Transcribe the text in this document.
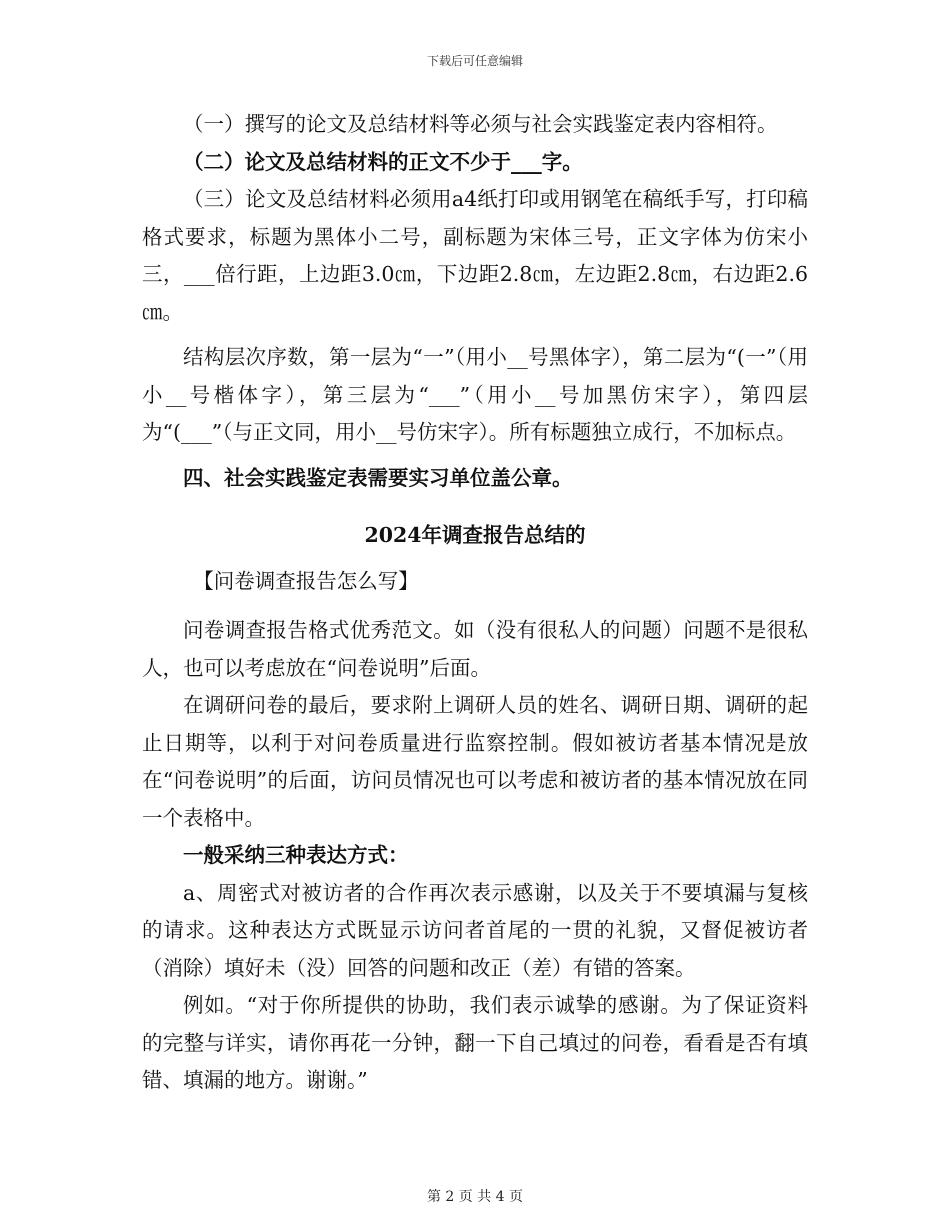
下载后可任意编辑

（一）撰写的论文及总结材料等必须与社会实践鉴定表内容相符。

（二）论文及总结材料的正文不少于___字。

（三）论文及总结材料必须用a4纸打印或用钢笔在稿纸手写，打印稿格式要求，标题为黑体小二号，副标题为宋体三号，正文字体为仿宋小三，___倍行距，上边距3.0㎝，下边距2.8㎝，左边距2.8㎝，右边距2.6㎝。

结构层次序数，第一层为“一”（用小__号黑体字），第二层为“(一”（用小__号楷体字），第三层为“___”（用小__号加黑仿宋字），第四层为“(___”（与正文同，用小__号仿宋字）。所有标题独立成行，不加标点。

四、社会实践鉴定表需要实习单位盖公章。

2024年调查报告总结的

【问卷调查报告怎么写】

问卷调查报告格式优秀范文。如（没有很私人的问题）问题不是很私人，也可以考虑放在“问卷说明”后面。

在调研问卷的最后，要求附上调研人员的姓名、调研日期、调研的起止日期等，以利于对问卷质量进行监察控制。假如被访者基本情况是放在“问卷说明”的后面，访问员情况也可以考虑和被访者的基本情况放在同一个表格中。

一般采纳三种表达方式：

a、周密式对被访者的合作再次表示感谢，以及关于不要填漏与复核的请求。这种表达方式既显示访问者首尾的一贯的礼貌，又督促被访者（消除）填好未（没）回答的问题和改正（差）有错的答案。

例如。“对于你所提供的协助，我们表示诚挚的感谢。为了保证资料的完整与详实，请你再花一分钟，翻一下自己填过的问卷，看看是否有填错、填漏的地方。谢谢。”

第 2 页 共 4 页
